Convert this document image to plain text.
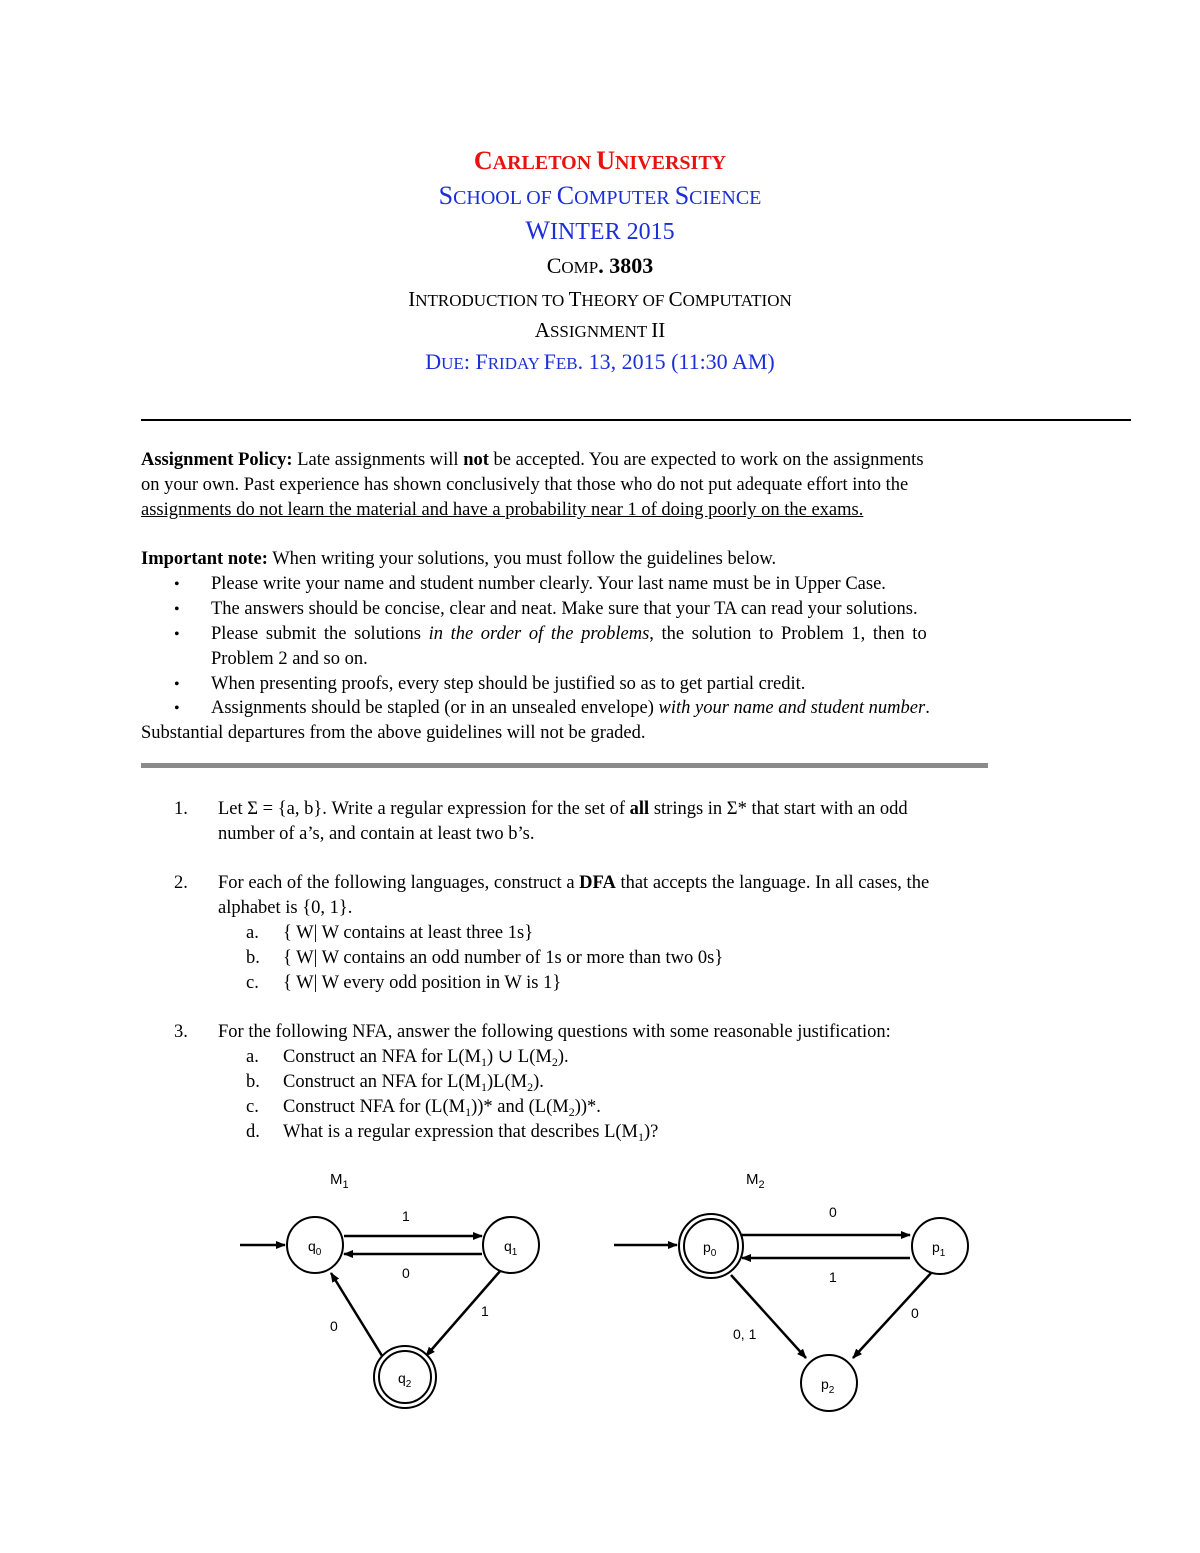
CARLETON UNIVERSITY
SCHOOL OF COMPUTER SCIENCE
WINTER 2015
COMP. 3803
INTRODUCTION TO THEORY OF COMPUTATION
ASSIGNMENT II
DUE: FRIDAY FEB. 13, 2015 (11:30 AM)
Assignment Policy: Late assignments will not be accepted. You are expected to work on the assignments
on your own. Past experience has shown conclusively that those who do not put adequate effort into the
assignments do not learn the material and have a probability near 1 of doing poorly on the exams.
Important note: When writing your solutions, you must follow the guidelines below.
• Please write your name and student number clearly. Your last name must be in Upper Case.
• The answers should be concise, clear and neat. Make sure that your TA can read your solutions.
• Please submit the solutions in the order of the problems, the solution to Problem 1, then to
Problem 2 and so on.
• When presenting proofs, every step should be justified so as to get partial credit.
• Assignments should be stapled (or in an unsealed envelope) with your name and student number.
Substantial departures from the above guidelines will not be graded.
1. Let Σ = {a, b}. Write a regular expression for the set of all strings in Σ* that start with an odd
number of a’s, and contain at least two b’s.
2. For each of the following languages, construct a DFA that accepts the language. In all cases, the
alphabet is {0, 1}.
a. { W| W contains at least three 1s}
b. { W| W contains an odd number of 1s or more than two 0s}
c. { W| W every odd position in W is 1}
3. For the following NFA, answer the following questions with some reasonable justification:
a. Construct an NFA for $L(M_1)$ ∪ $L(M_2)$.
b. Construct an NFA for $L(M_1)L(M_2)$.
c. Construct NFA for $(L(M_1))*$ and $(L(M_2))*$.
d. What is a regular expression that describes $L(M_1)$?
$M_1$
1
0
1
0
$q_0$	$q_1$
$q_2$
$M_2$
0
1
0, 1
0
$p_0$	$p_1$
$p_2$
